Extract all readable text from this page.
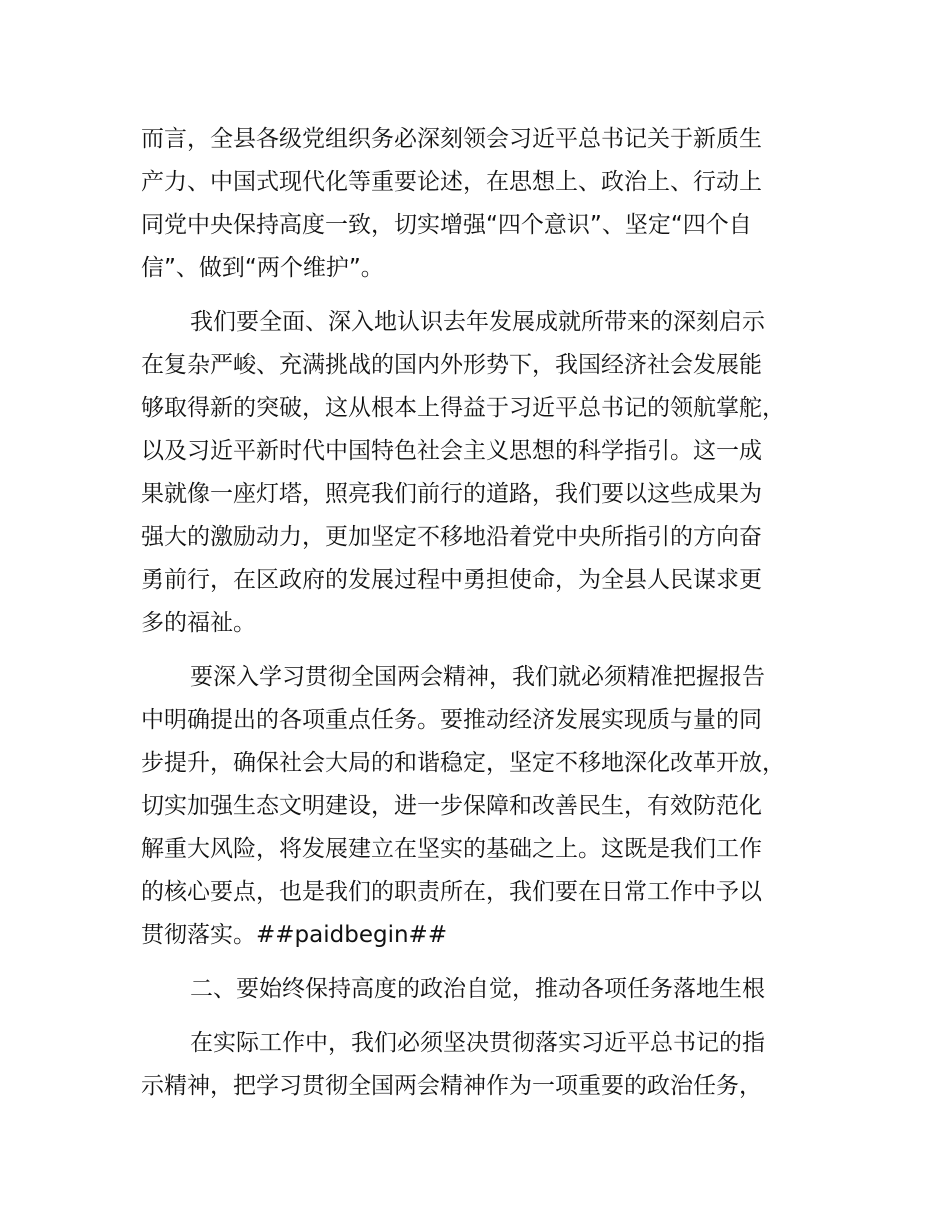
而言，全县各级党组织务必深刻领会习近平总书记关于新质生
产力、中国式现代化等重要论述，在思想上、政治上、行动上
同党中央保持高度一致，切实增强“四个意识”、坚定“四个自
信”、做到“两个维护”。
我们要全面、深入地认识去年发展成就所带来的深刻启示
在复杂严峻、充满挑战的国内外形势下，我国经济社会发展能
够取得新的突破，这从根本上得益于习近平总书记的领航掌舵，
以及习近平新时代中国特色社会主义思想的科学指引。这一成
果就像一座灯塔，照亮我们前行的道路，我们要以这些成果为
强大的激励动力，更加坚定不移地沿着党中央所指引的方向奋
勇前行，在区政府的发展过程中勇担使命，为全县人民谋求更
多的福祉。
要深入学习贯彻全国两会精神，我们就必须精准把握报告
中明确提出的各项重点任务。要推动经济发展实现质与量的同
步提升，确保社会大局的和谐稳定，坚定不移地深化改革开放，
切实加强生态文明建设，进一步保障和改善民生，有效防范化
解重大风险，将发展建立在坚实的基础之上。这既是我们工作
的核心要点，也是我们的职责所在，我们要在日常工作中予以
贯彻落实。##paidbegin##
二、要始终保持高度的政治自觉，推动各项任务落地生根
在实际工作中，我们必须坚决贯彻落实习近平总书记的指
示精神，把学习贯彻全国两会精神作为一项重要的政治任务，
